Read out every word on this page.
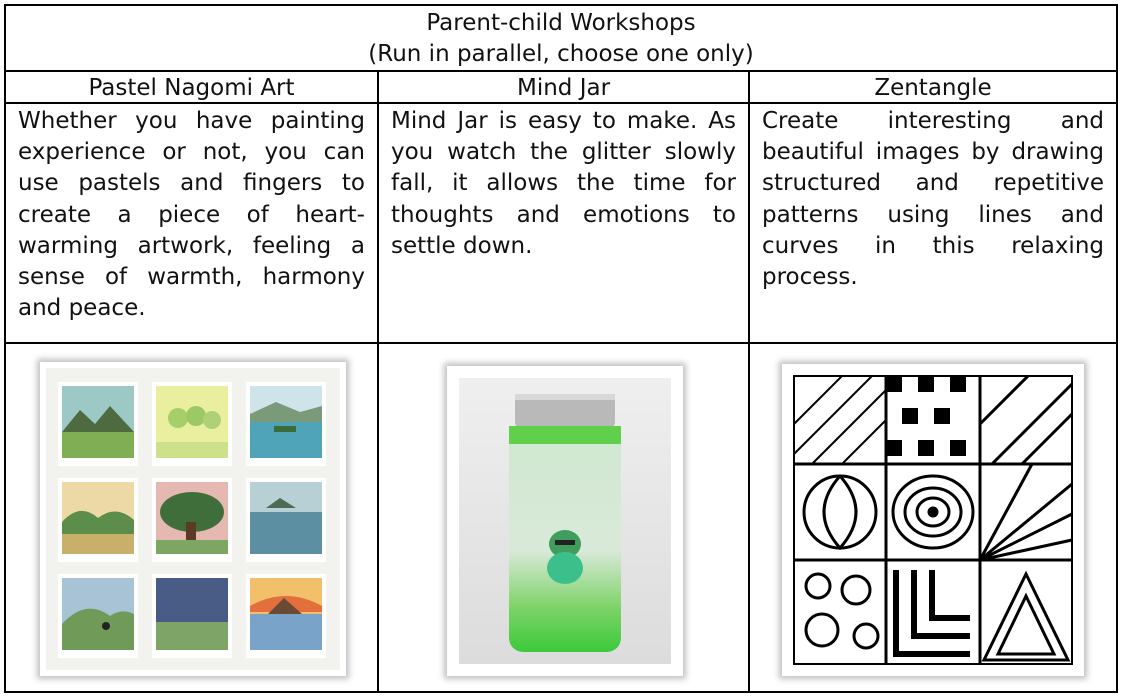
Parent-child Workshops
(Run in parallel, choose one only)
Pastel Nagomi Art	Mind Jar	Zentangle
Whether you have painting experience or not, you can use pastels and fingers to create a piece of heart-warming artwork, feeling a sense of warmth, harmony and peace.
Mind Jar is easy to make. As you watch the glitter slowly fall, it allows the time for thoughts and emotions to settle down.
Create interesting and beautiful images by drawing structured and repetitive patterns using lines and curves in this relaxing process.
